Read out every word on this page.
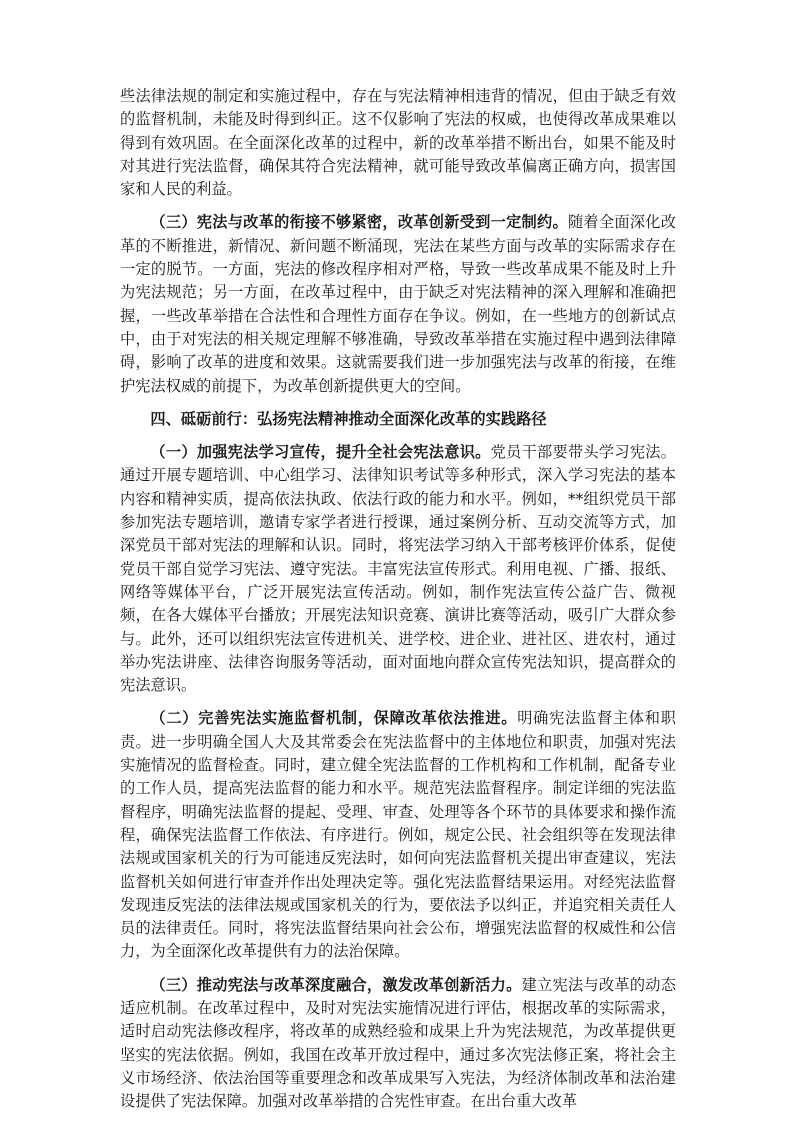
些法律法规的制定和实施过程中，存在与宪法精神相违背的情况，但由于缺乏有效的监督机制，未能及时得到纠正。这不仅影响了宪法的权威，也使得改革成果难以得到有效巩固。在全面深化改革的过程中，新的改革举措不断出台，如果不能及时对其进行宪法监督，确保其符合宪法精神，就可能导致改革偏离正确方向，损害国家和人民的利益。

（三）宪法与改革的衔接不够紧密，改革创新受到一定制约。随着全面深化改革的不断推进，新情况、新问题不断涌现，宪法在某些方面与改革的实际需求存在一定的脱节。一方面，宪法的修改程序相对严格，导致一些改革成果不能及时上升为宪法规范；另一方面，在改革过程中，由于缺乏对宪法精神的深入理解和准确把握，一些改革举措在合法性和合理性方面存在争议。例如，在一些地方的创新试点中，由于对宪法的相关规定理解不够准确，导致改革举措在实施过程中遇到法律障碍，影响了改革的进度和效果。这就需要我们进一步加强宪法与改革的衔接，在维护宪法权威的前提下，为改革创新提供更大的空间。

四、砥砺前行：弘扬宪法精神推动全面深化改革的实践路径

（一）加强宪法学习宣传，提升全社会宪法意识。党员干部要带头学习宪法。通过开展专题培训、中心组学习、法律知识考试等多种形式，深入学习宪法的基本内容和精神实质，提高依法执政、依法行政的能力和水平。例如，**组织党员干部参加宪法专题培训，邀请专家学者进行授课，通过案例分析、互动交流等方式，加深党员干部对宪法的理解和认识。同时，将宪法学习纳入干部考核评价体系，促使党员干部自觉学习宪法、遵守宪法。丰富宪法宣传形式。利用电视、广播、报纸、网络等媒体平台，广泛开展宪法宣传活动。例如，制作宪法宣传公益广告、微视频，在各大媒体平台播放；开展宪法知识竞赛、演讲比赛等活动，吸引广大群众参与。此外，还可以组织宪法宣传进机关、进学校、进企业、进社区、进农村，通过举办宪法讲座、法律咨询服务等活动，面对面地向群众宣传宪法知识，提高群众的宪法意识。

（二）完善宪法实施监督机制，保障改革依法推进。明确宪法监督主体和职责。进一步明确全国人大及其常委会在宪法监督中的主体地位和职责，加强对宪法实施情况的监督检查。同时，建立健全宪法监督的工作机构和工作机制，配备专业的工作人员，提高宪法监督的能力和水平。规范宪法监督程序。制定详细的宪法监督程序，明确宪法监督的提起、受理、审查、处理等各个环节的具体要求和操作流程，确保宪法监督工作依法、有序进行。例如，规定公民、社会组织等在发现法律法规或国家机关的行为可能违反宪法时，如何向宪法监督机关提出审查建议，宪法监督机关如何进行审查并作出处理决定等。强化宪法监督结果运用。对经宪法监督发现违反宪法的法律法规或国家机关的行为，要依法予以纠正，并追究相关责任人员的法律责任。同时，将宪法监督结果向社会公布，增强宪法监督的权威性和公信力，为全面深化改革提供有力的法治保障。

（三）推动宪法与改革深度融合，激发改革创新活力。建立宪法与改革的动态适应机制。在改革过程中，及时对宪法实施情况进行评估，根据改革的实际需求，适时启动宪法修改程序，将改革的成熟经验和成果上升为宪法规范，为改革提供更坚实的宪法依据。例如，我国在改革开放过程中，通过多次宪法修正案，将社会主义市场经济、依法治国等重要理念和改革成果写入宪法，为经济体制改革和法治建设提供了宪法保障。加强对改革举措的合宪性审查。在出台重大改革
